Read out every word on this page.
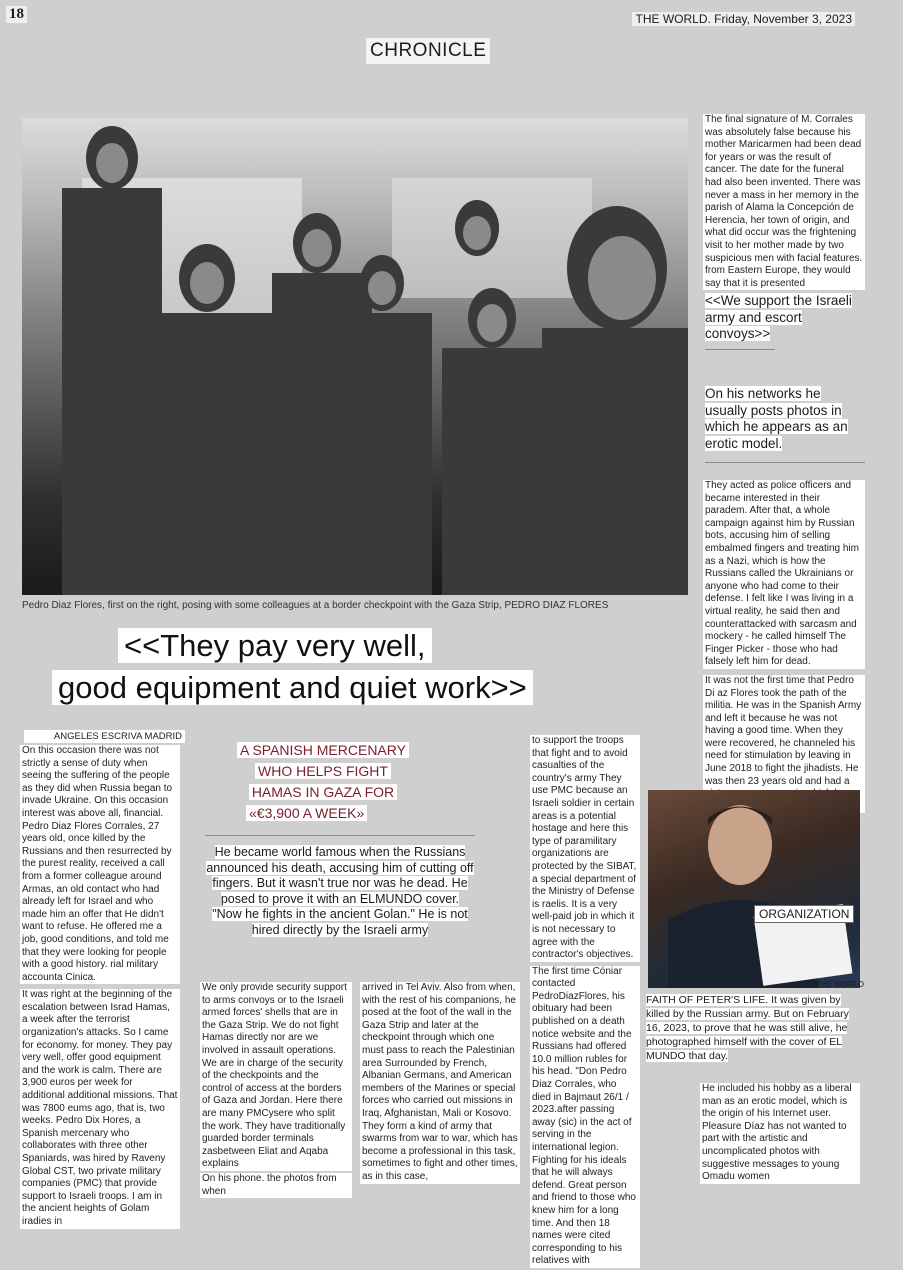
18	THE WORLD. Friday, November 3, 2023
CHRONICLE
Pedro Diaz Flores, first on the right, posing with some colleagues at a border checkpoint with the Gaza Strip, PEDRO DIAZ FLORES
<<They pay very well,
good equipment and quiet work>>

The final signature of M. Corrales was absolutely false because his mother Maricarmen had been dead for years or was the result of cancer. The date for the funeral had also been invented. There was never a mass in her memory in the parish of Alama la Concepción de Herencia, her town of origin, and what did occur was the frightening visit to her mother made by two suspicious men with facial features. from Eastern Europe, they would say that it is presented

<<We support the Israeli army and escort convoys>>
On his networks he usually posts photos in which he appears as an erotic model.

They acted as police officers and became interested in their paradem. After that, a whole campaign against him by Russian bots, accusing him of selling embalmed fingers and treating him as a Nazi, which is how the Russians called the Ukrainians or anyone who had come to their defense. I felt like I was living in a virtual reality, he said then and counterattacked with sarcasm and mockery - he called himself The Finger Picker - those who had falsely left him for dead.

It was not the first time that Pedro Di az Flores took the path of the militia. He was in the Spanish Army and left it because he was not having a good time. When they were recovered, he channeled his need for stimulation by leaving in June 2018 to fight the jihadists. He was then 23 years old and had a

ANGELES ESCRIVA MADRID

On this occasion there was not strictly a sense of duty when seeing the suffering of the people as they did when Russia began to invade Ukraine. On this occasion interest was above all, financial. Pedro Diaz Flores Corrales, 27 years old, once killed by the Russians and then resurrected by the purest reality, received a call from a former colleague around Armas, an old contact who had already left for Israel and who made him an offer that He didn't want to refuse. He offered me a job, good conditions, and told me that they were looking for people with a good history. rial military accounta Cinica.

It was right at the beginning of the escalation between Israd Hamas, a week after the terrorist organization's attacks. So I came for economy. for money. They pay very well, offer good equipment and the work is calm. There are 3,900 euros per week for additional additional missions. That was 7800 eums ago, that is, two weeks. Pedro Dix Hores, a Spanish mercenary who collaborates with three other Spaniards, was hired by Raveny Global CST, two private military companies (PMC) that provide support to Israeli troops. I am in the ancient heights of Golam iradies in

A SPANISH MERCENARY
WHO HELPS FIGHT
HAMAS IN GAZA FOR
«€3,900 A WEEK»
He became world famous when the Russians announced his death, accusing him of cutting off fingers. But it wasn't true nor was he dead. He posed to prove it with an ELMUNDO cover. "Now he fights in the ancient Golan." He is not hired directly by the Israeli army

We only provide security support to arms convoys or to the Israeli armed forces' shells that are in the Gaza Strip. We do not fight Hamas directly nor are we involved in assault operations. We are in charge of the security of the checkpoints and the control of access at the borders of Gaza and Jordan. Here there are many PMCysere who split the work. They have traditionally guarded border terminals zasbetween Eliat and Aqaba explains

On his phone. the photos from when

arrived in Tel Aviv. Also from when, with the rest of his companions, he posed at the foot of the wall in the Gaza Strip and later at the checkpoint through which one must pass to reach the Palestinian area Surrounded by French, Albanian Germans, and American members of the Marines or special forces who carried out missions in Iraq, Afghanistan, Mali or Kosovo. They form a kind of army that swarms from war to war, which has become a professional in this task, sometimes to fight and other times, as in this case,

to support the troops that fight and to avoid casualties of the country's army They use PMC because an Israeli soldier in certain areas is a potential hostage and here this type of paramilitary organizations are protected by the SIBAT, a special department of the Ministry of Defense is raelis. It is a very well-paid job in which it is not necessary to agree with the contractor's objectives.

The first time Cóniar contacted PedroDiazFlores, his obituary had been published on a death notice website and the Russians had offered 10.0 million rubles for his head. "Don Pedro Diaz Corrales, who died in Bajmaut 26/1 / 2023.after passing away (sic) in the act of serving in the international legion. Fighting for his ideals that he will always defend. Great person and friend to those who knew him for a long time. And then 18 names were cited corresponding to his relatives with

ORGANIZATION
THE WORLD
FAITH OF PETER'S LIFE. It was given by killed by the Russian army. But on February 16, 2023, to prove that he was still alive, he photographed himself with the cover of EL MUNDO that day.

He included his hobby as a liberal man as an erotic model, which is the origin of his Internet user. Pleasure Díaz has not wanted to part with the artistic and uncomplicated photos with suggestive messages to young Omadu women
